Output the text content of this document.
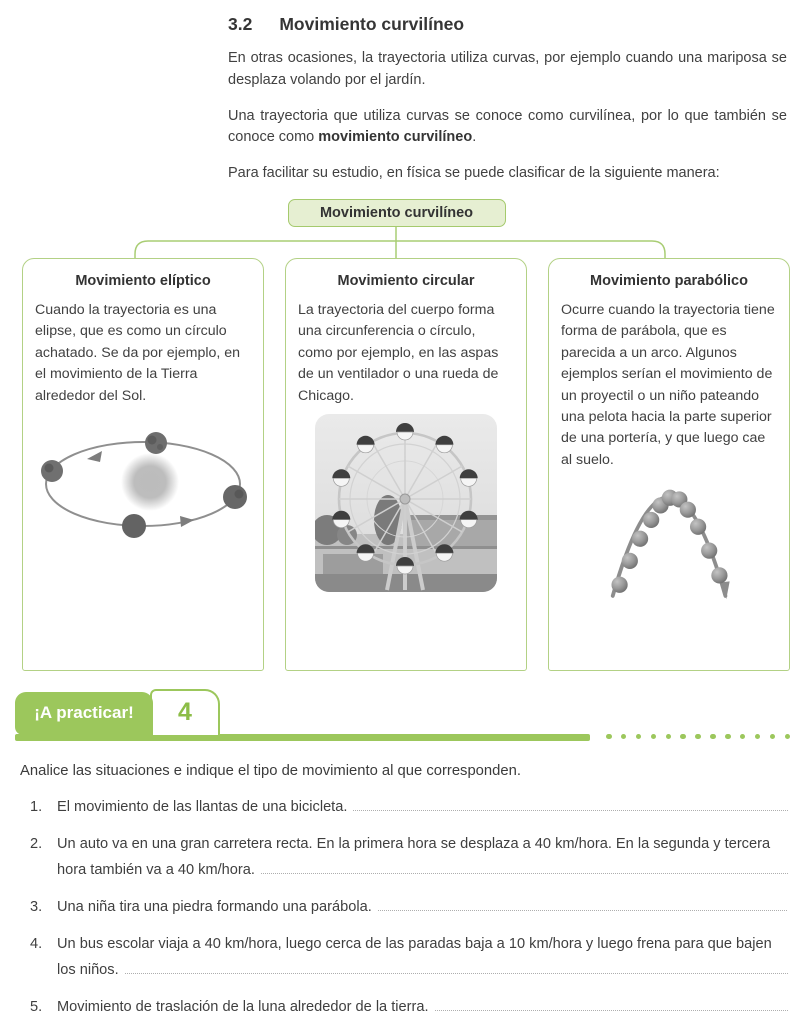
3.2 Movimiento curvilíneo

En otras ocasiones, la trayectoria utiliza curvas, por ejemplo cuando una mariposa se desplaza volando por el jardín.

Una trayectoria que utiliza curvas se conoce como curvilínea, por lo que también se conoce como movimiento curvilíneo.

Para facilitar su estudio, en física se puede clasificar de la siguiente manera:

Movimiento curvilíneo
Movimiento elíptico

Cuando la trayectoria es una elipse, que es como un círculo achatado. Se da por ejemplo, en el movimiento de la Tierra alrededor del Sol.

Movimiento circular

La trayectoria del cuerpo forma una circunferencia o círculo, como por ejemplo, en las aspas de un ventilador o una rueda de Chicago.

Movimiento parabólico

Ocurre cuando la trayectoria tiene forma de parábola, que es parecida a un arco. Algunos ejemplos serían el movimiento de un proyectil o un niño pateando una pelota hacia la parte superior de una portería, y que luego cae al suelo.

4
¡A practicar!

Analice las situaciones e indique el tipo de movimiento al que corresponden.

1.	El movimiento de las llantas de una bicicleta.
2.	Un auto va en una gran carretera recta. En la primera hora se desplaza a 40 km/hora. En la segunda y tercera hora también va a 40 km/hora.
3.	Una niña tira una piedra formando una parábola.
4.	Un bus escolar viaja a 40 km/hora, luego cerca de las paradas baja a 10 km/hora y luego frena para que bajen los niños.
5.	Movimiento de traslación de la luna alrededor de la tierra.
